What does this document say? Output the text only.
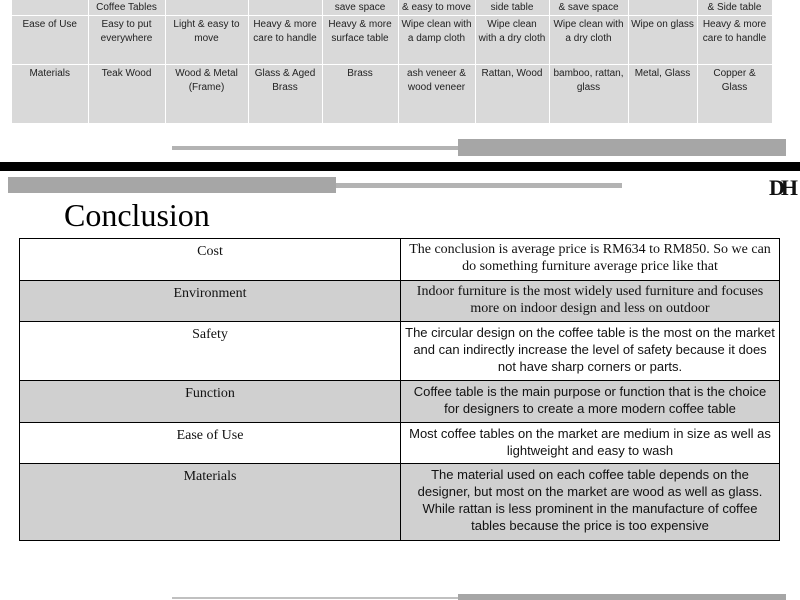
	Coffee Tables			save space	& easy to move	side table	& save space		& Side table
Ease of Use	Easy to put everywhere	Light & easy to move	Heavy & more care to handle	Heavy & more surface table	Wipe clean with a damp cloth	Wipe clean with a dry cloth	Wipe clean with a dry cloth	Wipe on glass	Heavy & more care to handle
Materials	Teak Wood	Wood & Metal (Frame)	Glass & Aged Brass	Brass	ash veneer & wood veneer	Rattan, Wood	bamboo, rattan, glass	Metal, Glass	Copper & Glass
DH
Conclusion
Cost	The conclusion is average price is RM634 to RM850. So we can do something furniture average price like that
Environment	Indoor furniture is the most widely used furniture and focuses more on indoor design and less on outdoor
Safety	The circular design on the coffee table is the most on the market and can indirectly increase the level of safety because it does not have sharp corners or parts.
Function	Coffee table is the main purpose or function that is the choice for designers to create a more modern coffee table
Ease of Use	Most coffee tables on the market are medium in size as well as lightweight and easy to wash
Materials	The material used on each coffee table depends on the designer, but most on the market are wood as well as glass. While rattan is less prominent in the manufacture of coffee tables because the price is too expensive
